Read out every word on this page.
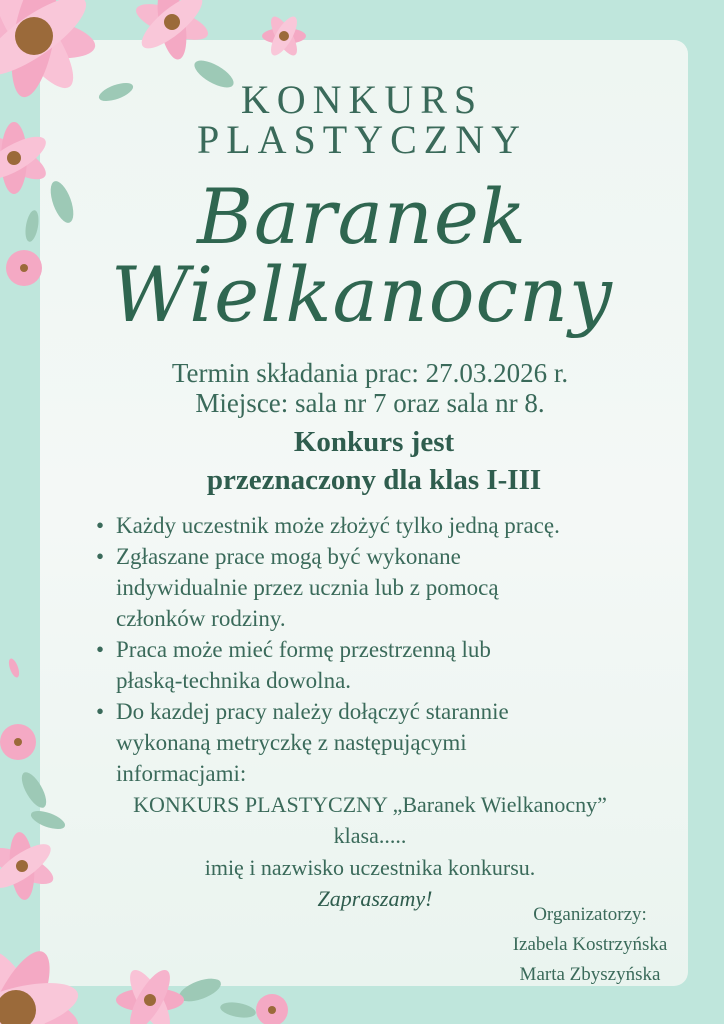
KONKURS
PLASTYCZNY
Baranek
Wielkanocny
Termin składania prac: 27.03.2026 r.
Miejsce: sala nr 7 oraz sala nr 8.
Konkurs jest
przeznaczony dla klas I-III
• Każdy uczestnik może złożyć tylko jedną pracę.
• Zgłaszane prace mogą być wykonane
indywidualnie przez ucznia lub z pomocą
członków rodziny.
• Praca może mieć formę przestrzenną lub
płaską-technika dowolna.
• Do kazdej pracy należy dołączyć starannie
wykonaną metryczkę z następującymi
informacjami:
KONKURS PLASTYCZNY „Baranek Wielkanocny”
klasa.....
imię i nazwisko uczestnika konkursu.
Zapraszamy!
Organizatorzy:
Izabela Kostrzyńska
Marta Zbyszyńska
